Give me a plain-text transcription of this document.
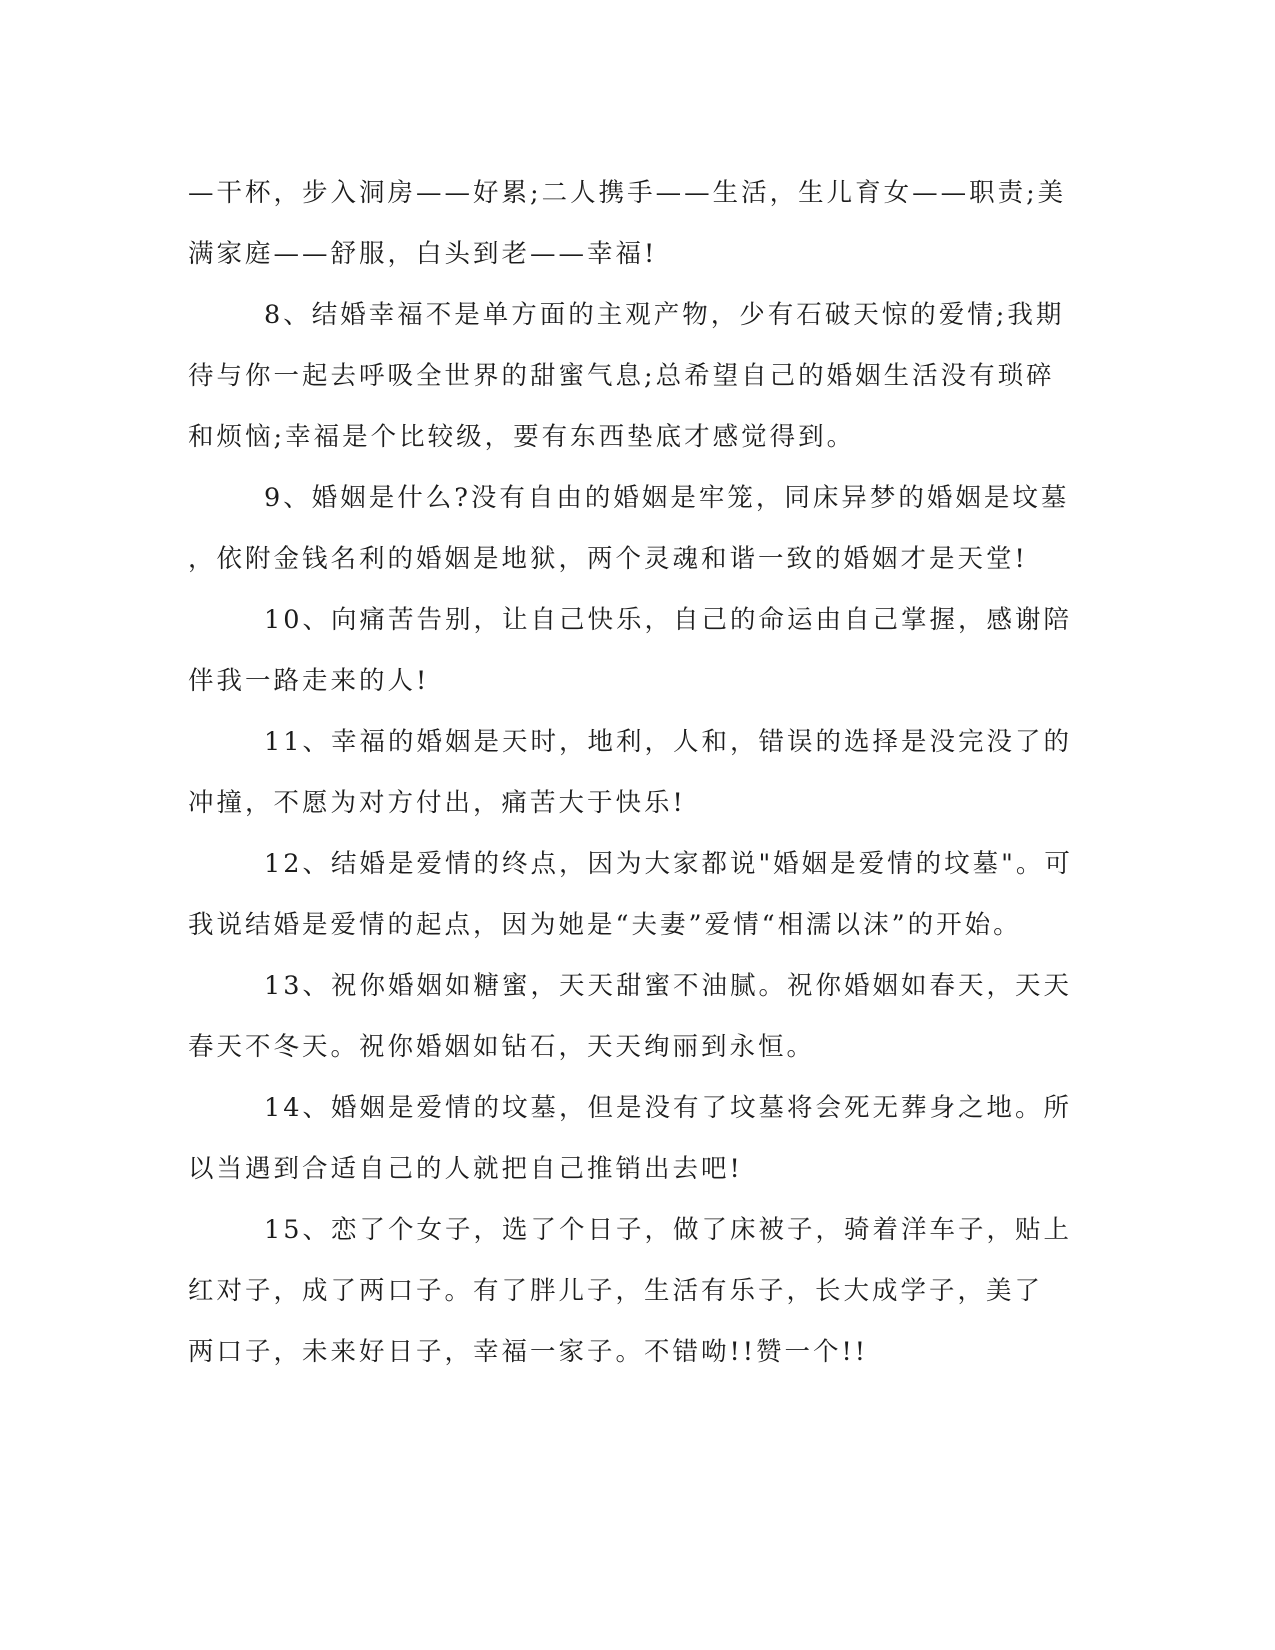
—干杯，步入洞房——好累;二人携手——生活，生儿育女——职责;美
满家庭——舒服，白头到老——幸福!
8、结婚幸福不是单方面的主观产物，少有石破天惊的爱情;我期
待与你一起去呼吸全世界的甜蜜气息;总希望自己的婚姻生活没有琐碎
和烦恼;幸福是个比较级，要有东西垫底才感觉得到。
9、婚姻是什么?没有自由的婚姻是牢笼，同床异梦的婚姻是坟墓
，依附金钱名利的婚姻是地狱，两个灵魂和谐一致的婚姻才是天堂!
10、向痛苦告别，让自己快乐，自己的命运由自己掌握，感谢陪
伴我一路走来的人!
11、幸福的婚姻是天时，地利，人和，错误的选择是没完没了的
冲撞，不愿为对方付出，痛苦大于快乐!
12、结婚是爱情的终点，因为大家都说"婚姻是爱情的坟墓"。可
我说结婚是爱情的起点，因为她是“夫妻”爱情“相濡以沫”的开始。
13、祝你婚姻如糖蜜，天天甜蜜不油腻。祝你婚姻如春天，天天
春天不冬天。祝你婚姻如钻石，天天绚丽到永恒。
14、婚姻是爱情的坟墓，但是没有了坟墓将会死无葬身之地。所
以当遇到合适自己的人就把自己推销出去吧!
15、恋了个女子，选了个日子，做了床被子，骑着洋车子，贴上
红对子，成了两口子。有了胖儿子，生活有乐子，长大成学子，美了
两口子，未来好日子，幸福一家子。不错呦!!赞一个!!
